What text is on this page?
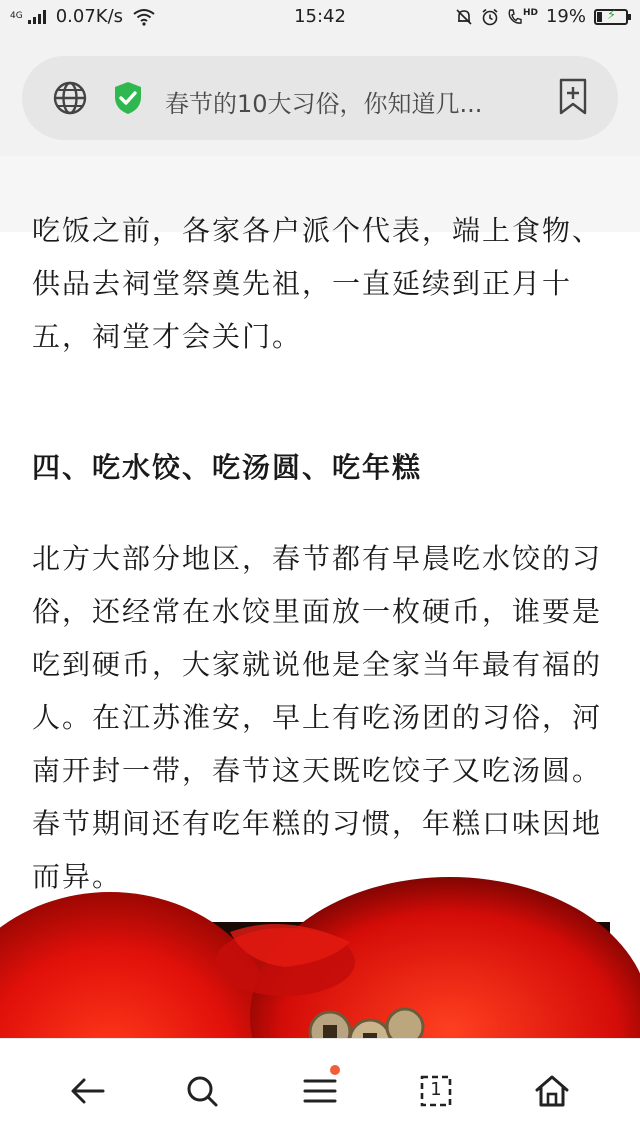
4G 0.07K/s	15:42	HD 19% ⚡
春节的10大习俗，你知道几...
吃饭之前，各家各户派个代表，端上食物、供品去祠堂祭奠先祖，一直延续到正月十五，祠堂才会关门。
四、吃水饺、吃汤圆、吃年糕
北方大部分地区，春节都有早晨吃水饺的习俗，还经常在水饺里面放一枚硬币，谁要是吃到硬币，大家就说他是全家当年最有福的人。在江苏淮安，早上有吃汤团的习俗，河南开封一带，春节这天既吃饺子又吃汤圆。春节期间还有吃年糕的习惯，年糕口味因地而异。
1
